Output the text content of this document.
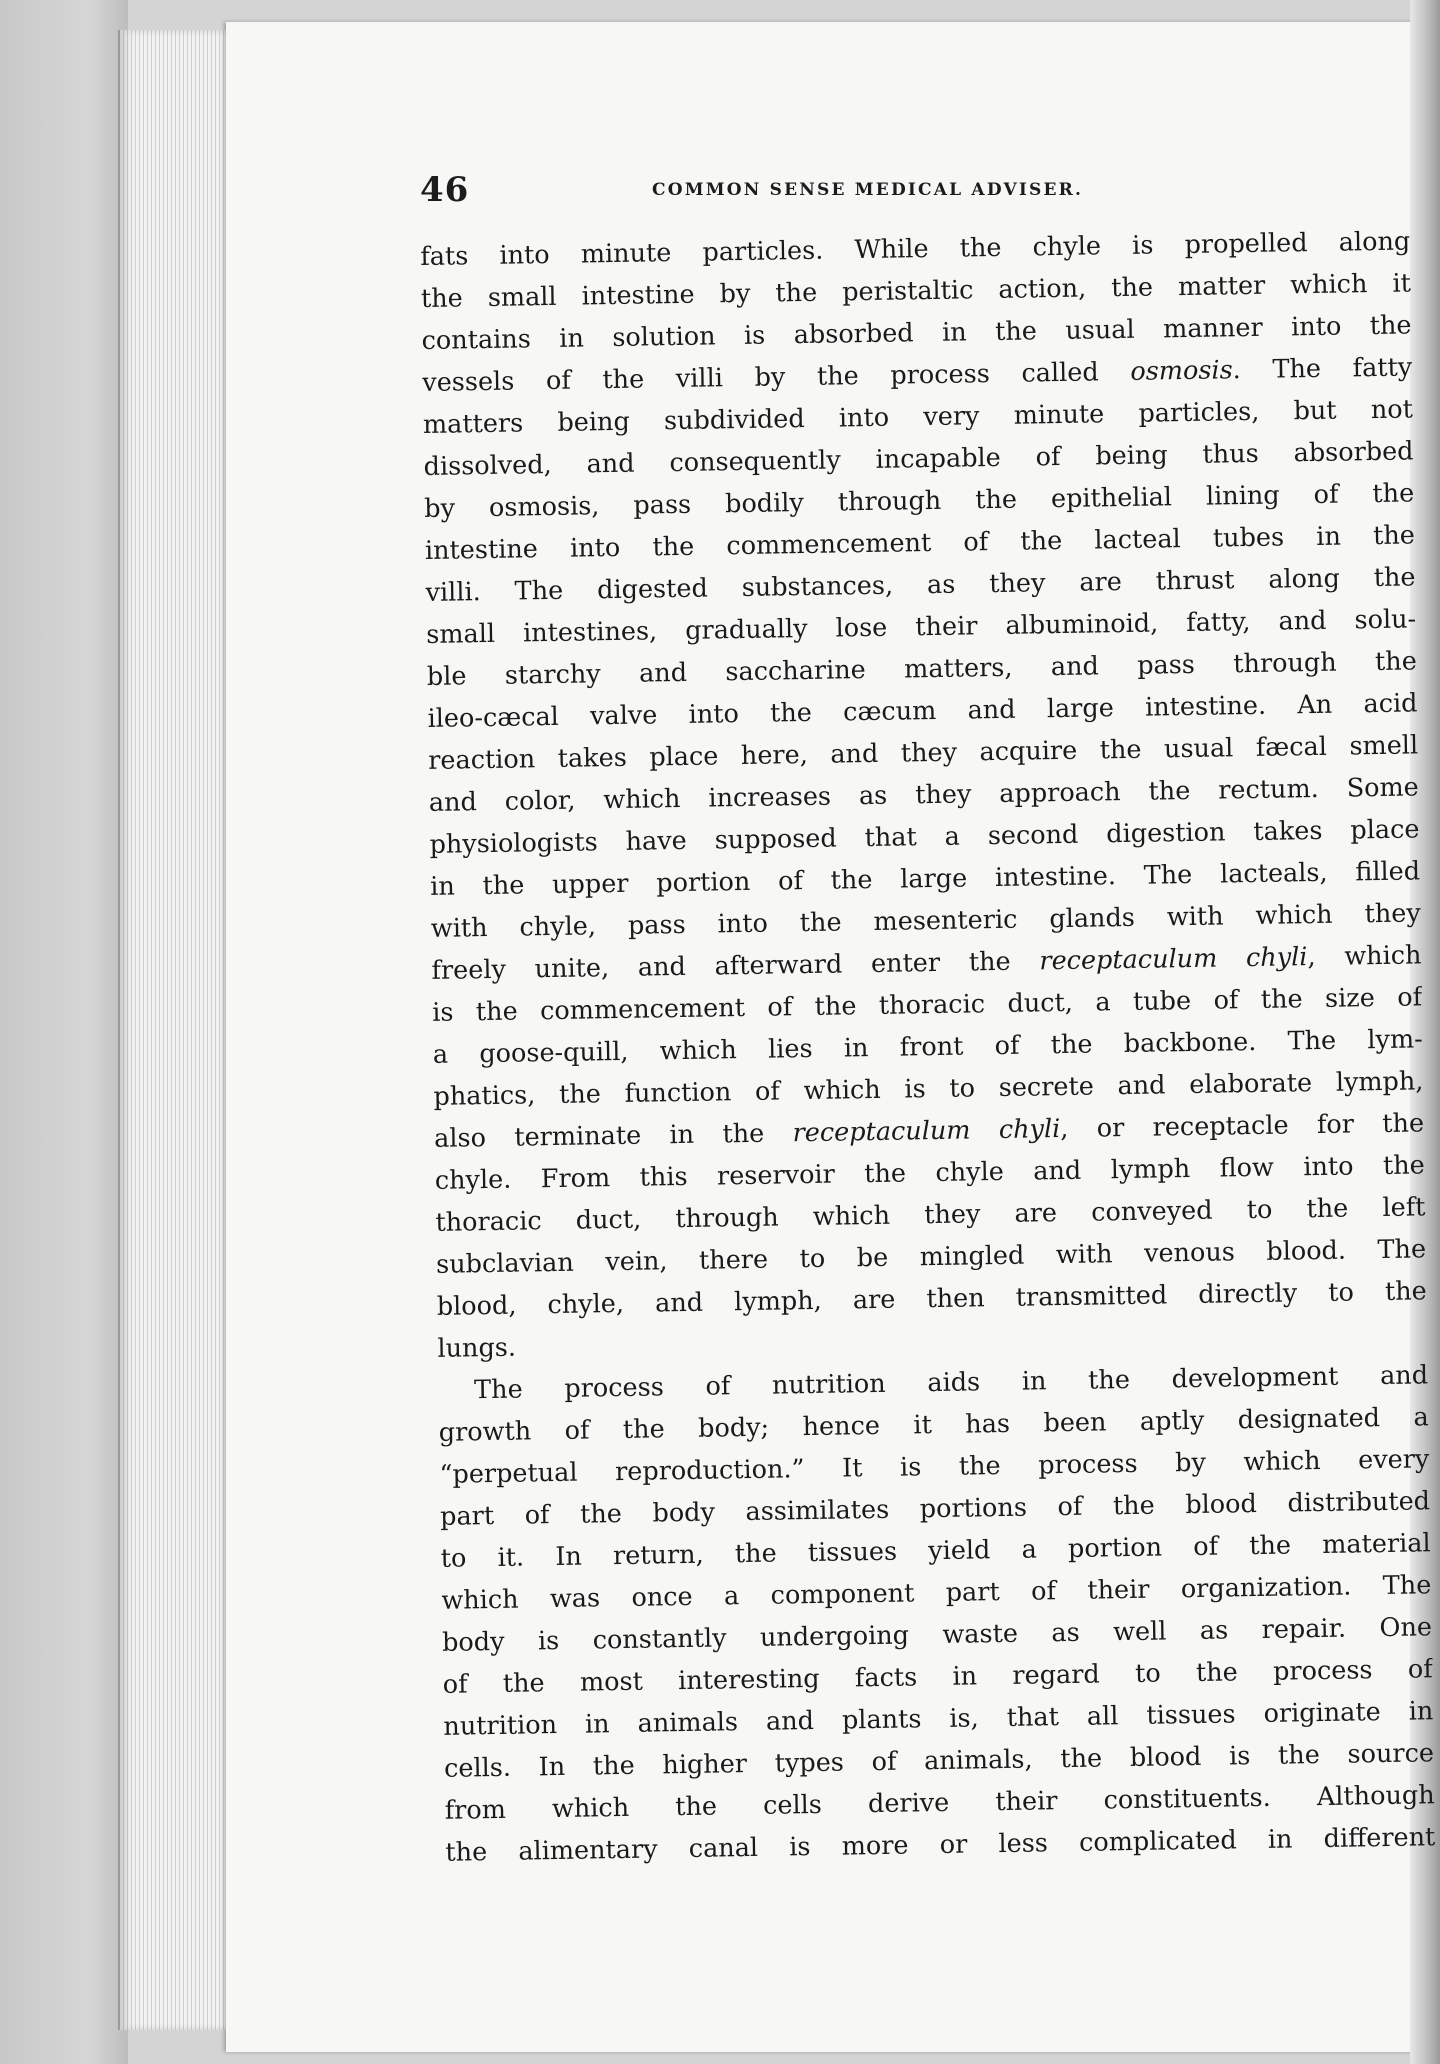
46	COMMON SENSE MEDICAL ADVISER.
fats into minute particles. While the chyle is propelled along
the small intestine by the peristaltic action, the matter which it
contains in solution is absorbed in the usual manner into the
vessels of the villi by the process called osmosis. The fatty
matters being subdivided into very minute particles, but not
dissolved, and consequently incapable of being thus absorbed
by osmosis, pass bodily through the epithelial lining of the
intestine into the commencement of the lacteal tubes in the
villi. The digested substances, as they are thrust along the
small intestines, gradually lose their albuminoid, fatty, and solu-
ble starchy and saccharine matters, and pass through the
ileo-cæcal valve into the cæcum and large intestine. An acid
reaction takes place here, and they acquire the usual fæcal smell
and color, which increases as they approach the rectum. Some
physiologists have supposed that a second digestion takes place
in the upper portion of the large intestine. The lacteals, filled
with chyle, pass into the mesenteric glands with which they
freely unite, and afterward enter the receptaculum chyli, which
is the commencement of the thoracic duct, a tube of the size of
a goose-quill, which lies in front of the backbone. The lym-
phatics, the function of which is to secrete and elaborate lymph,
also terminate in the receptaculum chyli, or receptacle for the
chyle. From this reservoir the chyle and lymph flow into the
thoracic duct, through which they are conveyed to the left
subclavian vein, there to be mingled with venous blood. The
blood, chyle, and lymph, are then transmitted directly to the
lungs.
The process of nutrition aids in the development and
growth of the body; hence it has been aptly designated a
“perpetual reproduction.” It is the process by which every
part of the body assimilates portions of the blood distributed
to it. In return, the tissues yield a portion of the material
which was once a component part of their organization. The
body is constantly undergoing waste as well as repair. One
of the most interesting facts in regard to the process of
nutrition in animals and plants is, that all tissues originate in
cells. In the higher types of animals, the blood is the source
from which the cells derive their constituents. Although
the alimentary canal is more or less complicated in different
